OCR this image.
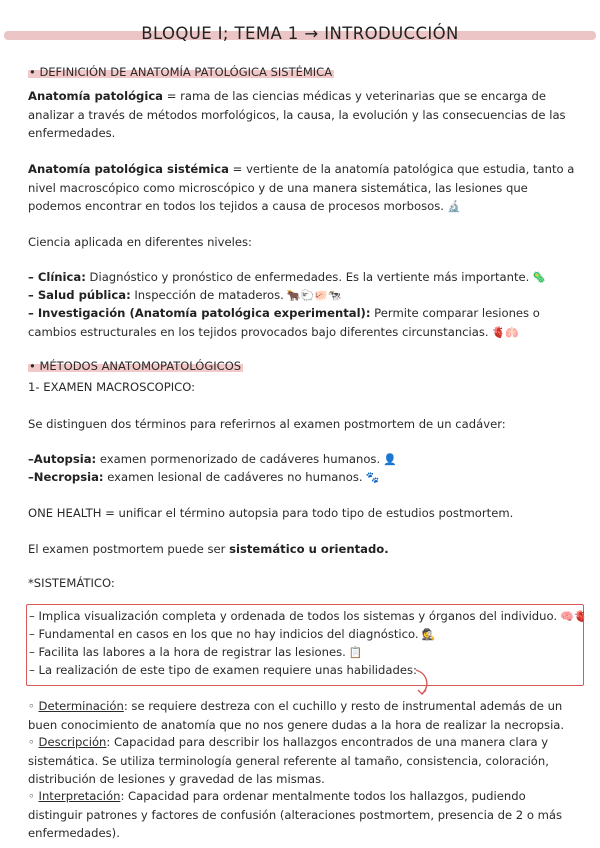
BLOQUE I; TEMA 1 → INTRODUCCIÓN
• DEFINICIÓN DE ANATOMÍA PATOLÓGICA SISTÉMICA

Anatomía patológica = rama de las ciencias médicas y veterinarias que se encarga de analizar a través de métodos morfológicos, la causa, la evolución y las consecuencias de las enfermedades.

Anatomía patológica sistémica = vertiente de la anatomía patológica que estudia, tanto a nivel macroscópico como microscópico y de una manera sistemática, las lesiones que podemos encontrar en todos los tejidos a causa de procesos morbosos. 🔬

Ciencia aplicada en diferentes niveles:

– Clínica: Diagnóstico y pronóstico de enfermedades. Es la vertiente más importante. 🦠

– Salud pública: Inspección de mataderos. 🐂🐑🐖🐄

– Investigación (Anatomía patológica experimental): Permite comparar lesiones o cambios estructurales en los tejidos provocados bajo diferentes circunstancias. 🫀🫁

• MÉTODOS ANATOMOPATOLÓGICOS

1- EXAMEN MACROSCOPICO:

Se distinguen dos términos para referirnos al examen postmortem de un cadáver:

–Autopsia: examen pormenorizado de cadáveres humanos. 👤

–Necropsia: examen lesional de cadáveres no humanos. 🐾

ONE HEALTH = unificar el término autopsia para todo tipo de estudios postmortem.

El examen postmortem puede ser sistemático u orientado.

*SISTEMÁTICO:

– Implica visualización completa y ordenada de todos los sistemas y órganos del individuo. 🧠🫀
– Fundamental en casos en los que no hay indicios del diagnóstico. 🕵️
– Facilita las labores a la hora de registrar las lesiones. 📋
– La realización de este tipo de examen requiere unas habilidades:

◦ Determinación: se requiere destreza con el cuchillo y resto de instrumental además de un buen conocimiento de anatomía que no nos genere dudas a la hora de realizar la necropsia.

◦ Descripción: Capacidad para describir los hallazgos encontrados de una manera clara y sistemática. Se utiliza terminología general referente al tamaño, consistencia, coloración, distribución de lesiones y gravedad de las mismas.

◦ Interpretación: Capacidad para ordenar mentalmente todos los hallazgos, pudiendo distinguir patrones y factores de confusión (alteraciones postmortem, presencia de 2 o más enfermedades).
